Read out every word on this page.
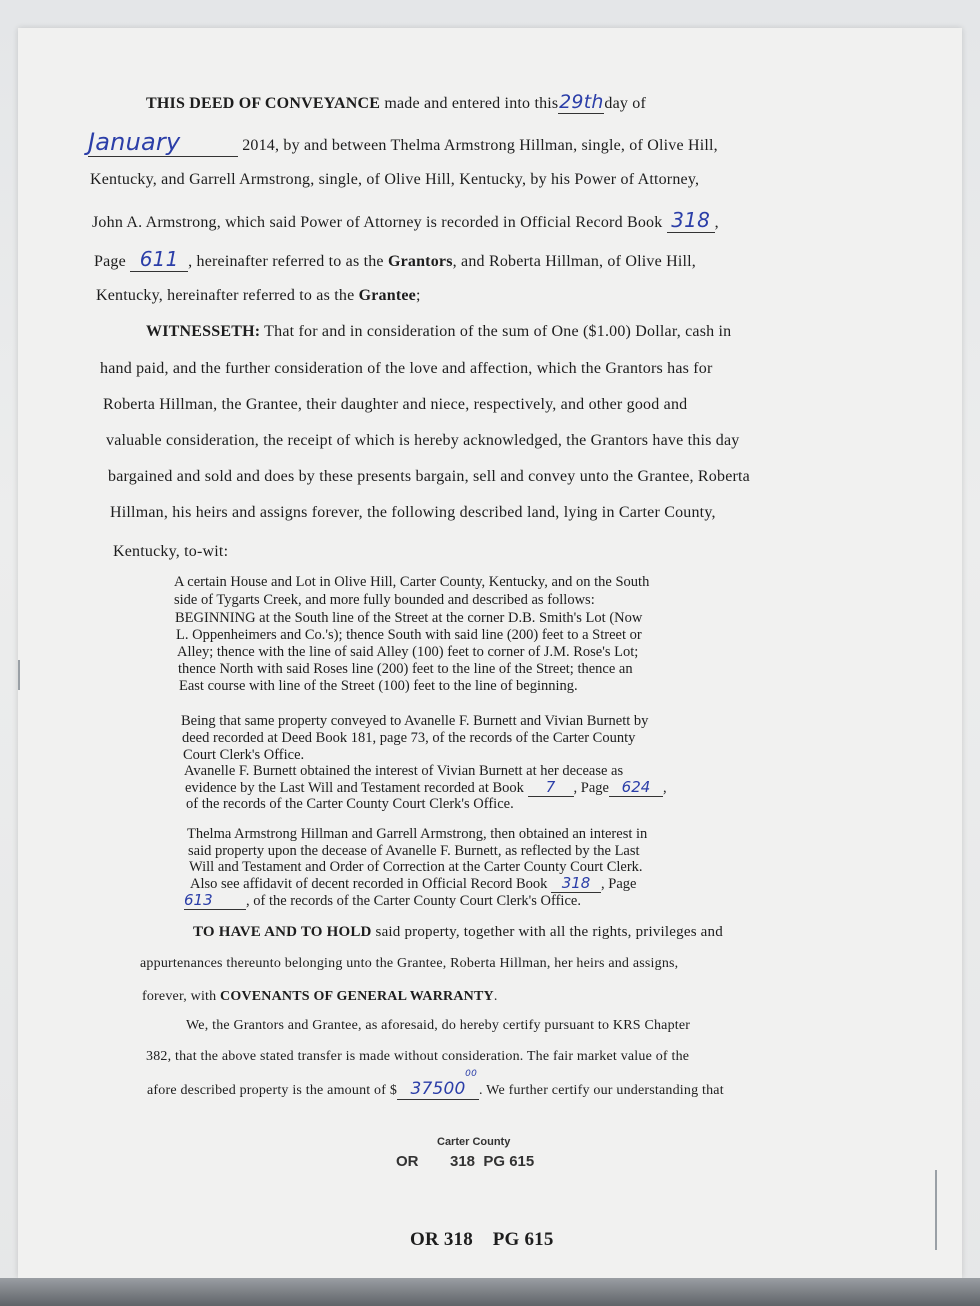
THIS DEED OF CONVEYANCE made and entered into this29thday of
January	2014, by and between Thelma Armstrong Hillman, single, of Olive Hill,
Kentucky, and Garrell Armstrong, single, of Olive Hill, Kentucky, by his Power of Attorney,
John A. Armstrong, which said Power of Attorney is recorded in Official Record Book 318 ,
Page 611 , hereinafter referred to as the Grantors, and Roberta Hillman, of Olive Hill,
Kentucky, hereinafter referred to as the Grantee;
WITNESSETH: That for and in consideration of the sum of One ($1.00) Dollar, cash in
hand paid, and the further consideration of the love and affection, which the Grantors has for
Roberta Hillman, the Grantee, their daughter and niece, respectively, and other good and
valuable consideration, the receipt of which is hereby acknowledged, the Grantors have this day
bargained and sold and does by these presents bargain, sell and convey unto the Grantee, Roberta
Hillman, his heirs and assigns forever, the following described land, lying in Carter County,
Kentucky, to-wit:
A certain House and Lot in Olive Hill, Carter County, Kentucky, and on the South
side of Tygarts Creek, and more fully bounded and described as follows:
BEGINNING at the South line of the Street at the corner D.B. Smith's Lot (Now
L. Oppenheimers and Co.'s); thence South with said line (200) feet to a Street or
Alley; thence with the line of said Alley (100) feet to corner of J.M. Rose's Lot;
thence North with said Roses line (200) feet to the line of the Street; thence an
East course with line of the Street (100) feet to the line of beginning.
Being that same property conveyed to Avanelle F. Burnett and Vivian Burnett by
deed recorded at Deed Book 181, page 73, of the records of the Carter County
Court Clerk's Office.
Avanelle F. Burnett obtained the interest of Vivian Burnett at her decease as
evidence by the Last Will and Testament recorded at Book 7 , Page 624 ,
of the records of the Carter County Court Clerk's Office.
Thelma Armstrong Hillman and Garrell Armstrong, then obtained an interest in
said property upon the decease of Avanelle F. Burnett, as reflected by the Last
Will and Testament and Order of Correction at the Carter County Court Clerk.
Also see affidavit of decent recorded in Official Record Book 318 , Page
613 , of the records of the Carter County Court Clerk's Office.
TO HAVE AND TO HOLD said property, together with all the rights, privileges and
appurtenances thereunto belonging unto the Grantee, Roberta Hillman, her heirs and assigns,
forever, with COVENANTS OF GENERAL WARRANTY.
We, the Grantors and Grantee, as aforesaid, do hereby certify pursuant to KRS Chapter
382, that the above stated transfer is made without consideration. The fair market value of the
afore described property is the amount of $ 37500
00
. We further certify our understanding that
Carter County
OR 318  PG 615
OR 318    PG 615
